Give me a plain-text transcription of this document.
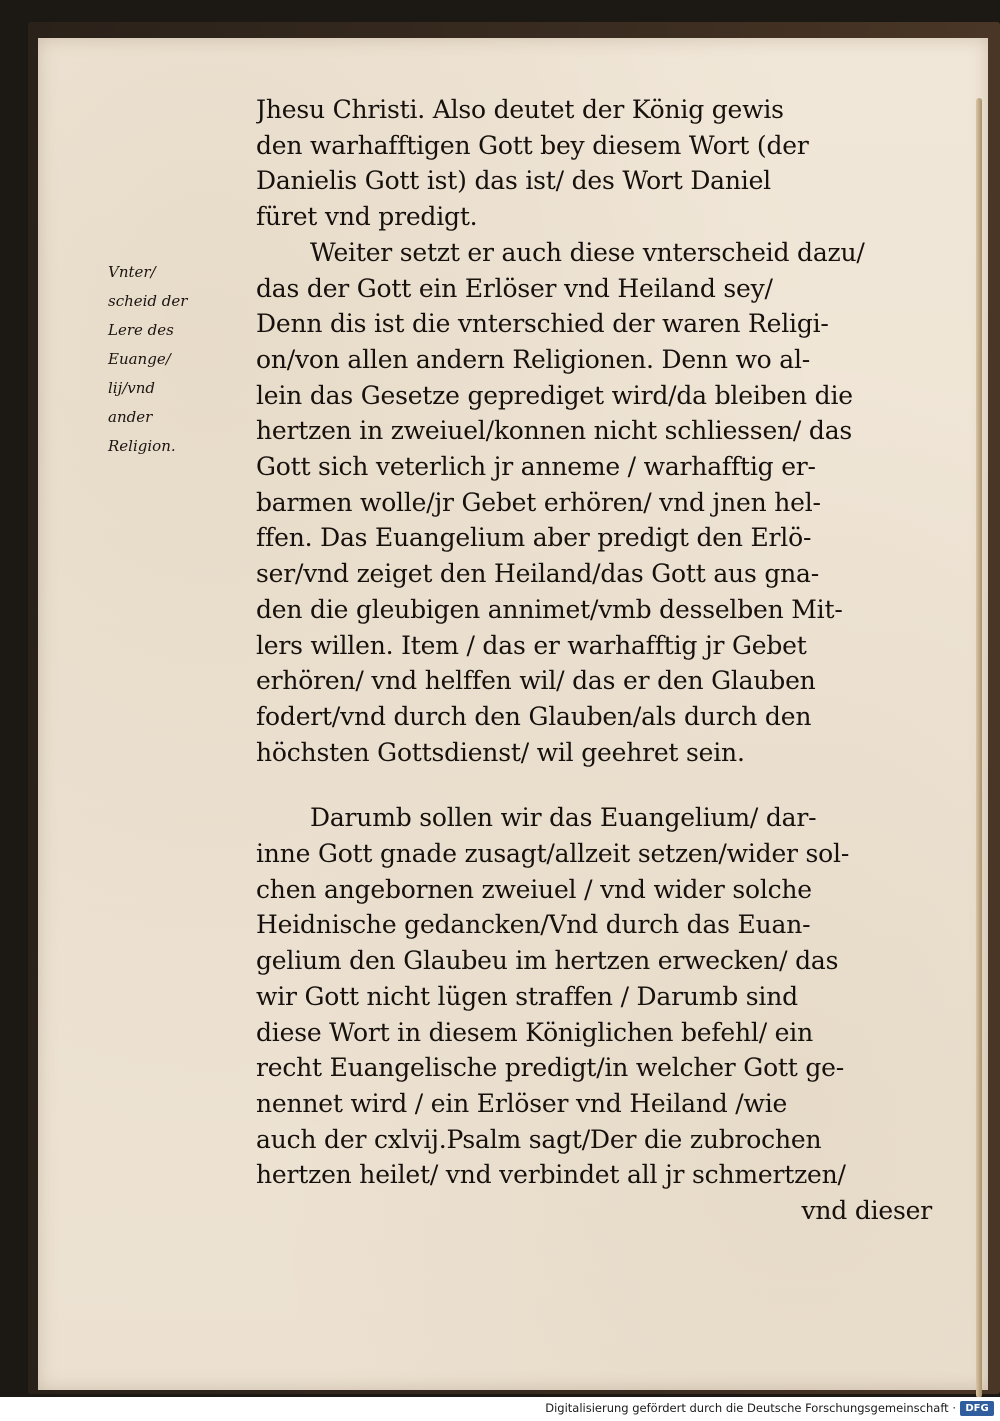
Vnter/
scheid der
Lere des
Euange/
lij/vnd
ander
Religion.
Jhesu Christi. Also deutet der König gewis
den warhafftigen Gott bey diesem Wort (der
Danielis Gott ist) das ist/ des Wort Daniel
füret vnd predigt.
Weiter setzt er auch diese vnterscheid dazu/
das der Gott ein Erlöser vnd Heiland sey/
Denn dis ist die vnterschied der waren Religi-
on/von allen andern Religionen. Denn wo al-
lein das Gesetze geprediget wird/da bleiben die
hertzen in zweiuel/konnen nicht schliessen/ das
Gott sich veterlich jr anneme / warhafftig er-
barmen wolle/jr Gebet erhören/ vnd jnen hel-
ffen. Das Euangelium aber predigt den Erlö-
ser/vnd zeiget den Heiland/das Gott aus gna-
den die gleubigen annimet/vmb desselben Mit-
lers willen. Item / das er warhafftig jr Gebet
erhören/ vnd helffen wil/ das er den Glauben
fodert/vnd durch den Glauben/als durch den
höchsten Gottsdienst/ wil geehret sein.
Darumb sollen wir das Euangelium/ dar-
inne Gott gnade zusagt/allzeit setzen/wider sol-
chen angebornen zweiuel / vnd wider solche
Heidnische gedancken/Vnd durch das Euan-
gelium den Glaubeu im hertzen erwecken/ das
wir Gott nicht lügen straffen / Darumb sind
diese Wort in diesem Königlichen befehl/ ein
recht Euangelische predigt/in welcher Gott ge-
nennet wird / ein Erlöser vnd Heiland /wie
auch der cxlvij.Psalm sagt/Der die zubrochen
hertzen heilet/ vnd verbindet all jr schmertzen/
vnd dieser
Digitalisierung gefördert durch die Deutsche Forschungsgemeinschaft · DFG
